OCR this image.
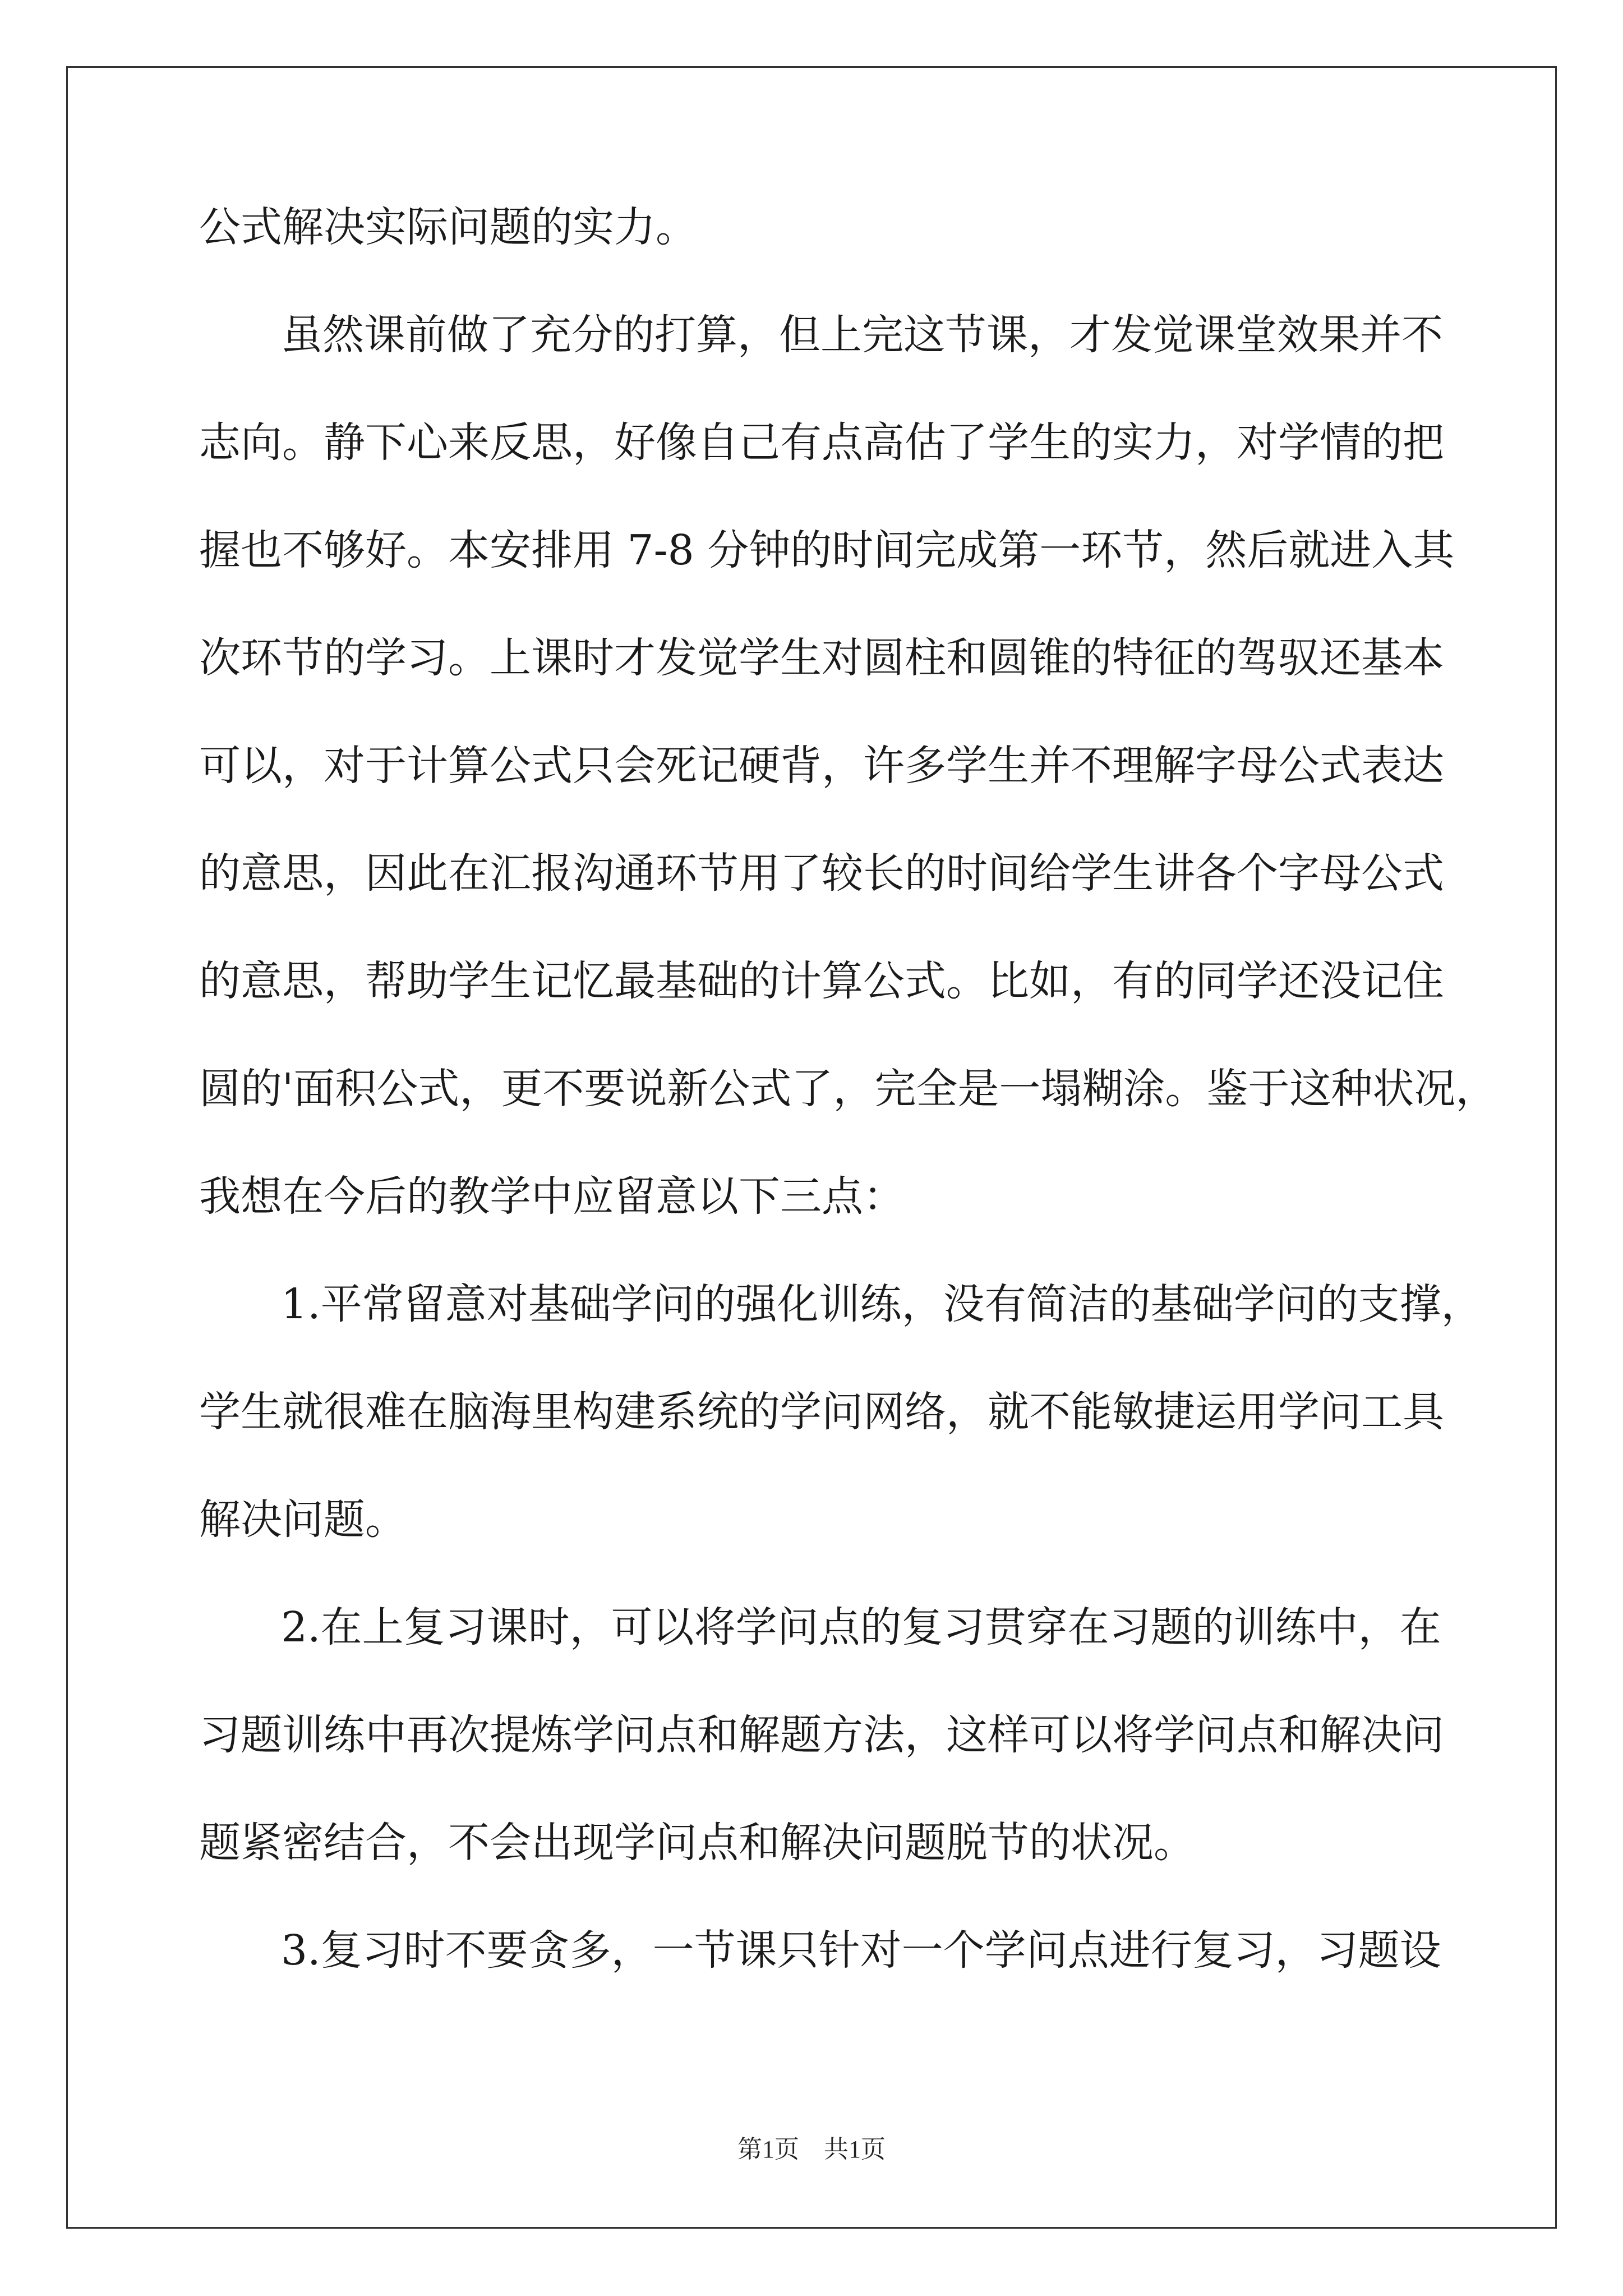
公式解决实际问题的实力。
虽然课前做了充分的打算，但上完这节课，才发觉课堂效果并不
志向。静下心来反思，好像自己有点高估了学生的实力，对学情的把
握也不够好。本安排用 7-8 分钟的时间完成第一环节，然后就进入其
次环节的学习。上课时才发觉学生对圆柱和圆锥的特征的驾驭还基本
可以，对于计算公式只会死记硬背，许多学生并不理解字母公式表达
的意思，因此在汇报沟通环节用了较长的时间给学生讲各个字母公式
的意思，帮助学生记忆最基础的计算公式。比如，有的同学还没记住
圆的'面积公式，更不要说新公式了，完全是一塌糊涂。鉴于这种状况，
我想在今后的教学中应留意以下三点：
1.平常留意对基础学问的强化训练，没有简洁的基础学问的支撑，
学生就很难在脑海里构建系统的学问网络，就不能敏捷运用学问工具
解决问题。
2.在上复习课时，可以将学问点的复习贯穿在习题的训练中，在
习题训练中再次提炼学问点和解题方法，这样可以将学问点和解决问
题紧密结合，不会出现学问点和解决问题脱节的状况。
3.复习时不要贪多，一节课只针对一个学问点进行复习，习题设
第1页　共1页
